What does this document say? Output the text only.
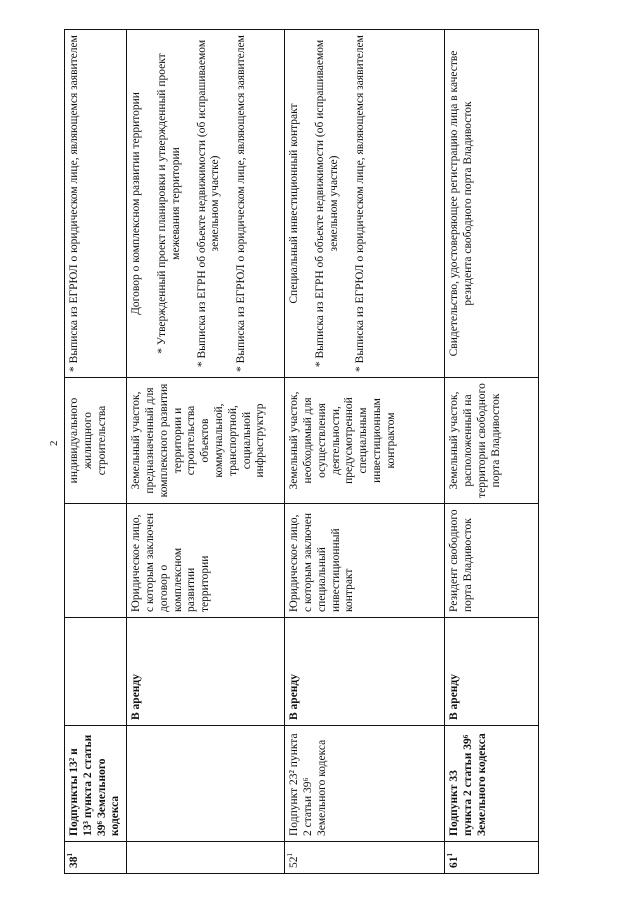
2
$38^1$	Подпункты 13² и 13³ пункта 2 статьи 39⁶ Земельного кодекса			индивидуального жилищного строительства	* Выписка из ЕГРЮЛ о юридическом лице, являющемся заявителем

		В аренду	Юридическое лицо, с которым заключен договор о комплексном развитии территории	Земельный участок, предназначенный для комплексного развития территории и строительства объектов коммунальной, транспортной, социальной инфраструктур	Договор о комплексном развитии территории * Утвержденный проект планировки и утвержденный проект межевания территории * Выписка из ЕГРН об объекте недвижимости (об испрашиваемом земельном участке) * Выписка из ЕГРЮЛ о юридическом лице, являющемся заявителем

$52^1$	Подпункт 23² пункта 2 статьи 39⁶ Земельного кодекса	В аренду	Юридическое лицо, с которым заключен специальный инвестиционный контракт	Земельный участок, необходимый для осуществления деятельности, предусмотренной специальным инвестиционным контрактом	Специальный инвестиционный контракт * Выписка из ЕГРН об объекте недвижимости (об испрашиваемом земельном участке) * Выписка из ЕГРЮЛ о юридическом лице, являющемся заявителем

$61^1$	Подпункт 33 пункта 2 статьи 39⁶ Земельного кодекса	В аренду	Резидент свободного порта Владивосток	Земельный участок, расположенный на территории свободного порта Владивосток	Свидетельство, удостоверяющее регистрацию лица в качестве резидента свободного порта Владивосток
